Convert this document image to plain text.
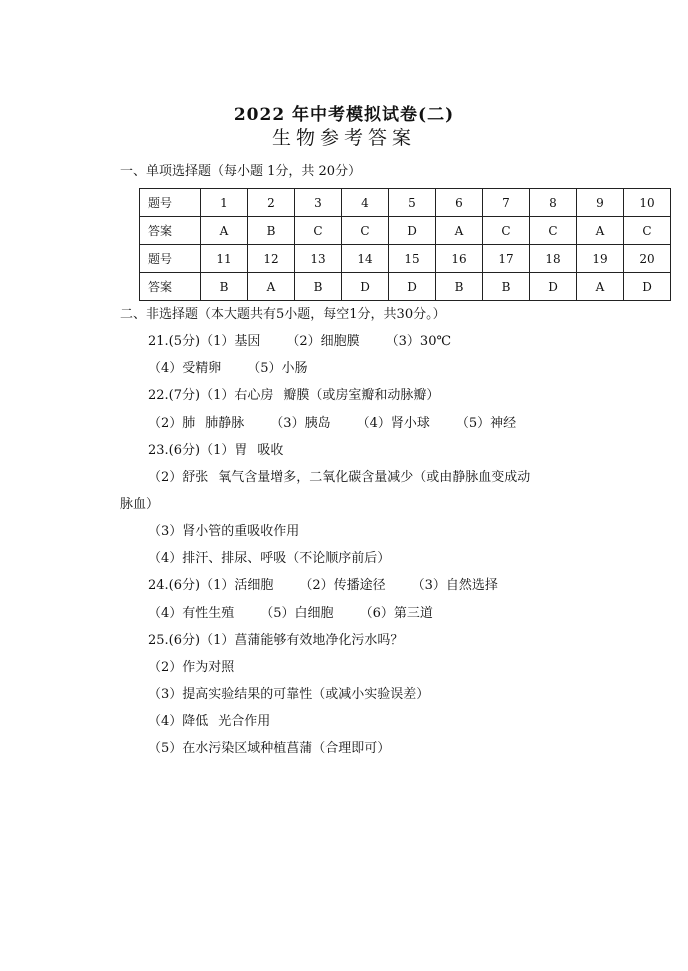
2022 年中考模拟试卷(二)
生物参考答案
一、单项选择题（每小题 1分，共 20分）
题号	1	2	3	4	5	6	7	8	9	10
答案	A	B	C	C	D	A	C	C	A	C
题号	11	12	13	14	15	16	17	18	19	20
答案	B	A	B	D	D	B	B	D	A	D
二、非选择题（本大题共有5小题，每空1分，共30分。）
21.(5分)（1）基因 （2）细胞膜 （3）30℃
（4）受精卵 （5）小肠
22.(7分)（1）右心房 瓣膜（或房室瓣和动脉瓣）
（2）肺 肺静脉 （3）胰岛 （4）肾小球 （5）神经
23.(6分)（1）胃 吸收
（2）舒张 氧气含量增多，二氧化碳含量减少（或由静脉血变成动
脉血）
（3）肾小管的重吸收作用
（4）排汗、排尿、呼吸（不论顺序前后）
24.(6分)（1）活细胞 （2）传播途径 （3）自然选择
（4）有性生殖 （5）白细胞 （6）第三道
25.(6分)（1）菖蒲能够有效地净化污水吗？
（2）作为对照
（3）提高实验结果的可靠性（或减小实验误差）
（4）降低 光合作用
（5）在水污染区域种植菖蒲（合理即可）
